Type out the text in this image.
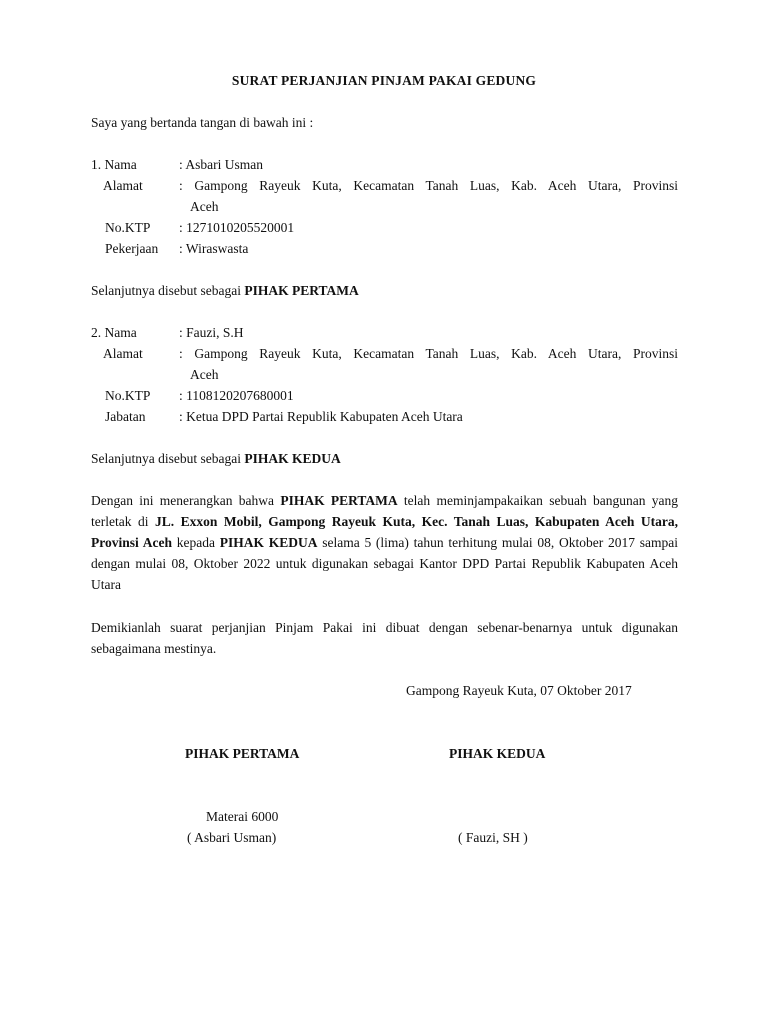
SURAT PERJANJIAN PINJAM PAKAI GEDUNG
Saya yang bertanda tangan di bawah ini :
1. Nama	: Asbari Usman
Alamat	: Gampong Rayeuk Kuta, Kecamatan Tanah Luas, Kab. Aceh Utara, Provinsi
Aceh
No.KTP : 1271010205520001
Pekerjaan : Wiraswasta
Selanjutnya disebut sebagai PIHAK PERTAMA
2. Nama	: Fauzi, S.H
Alamat	: Gampong Rayeuk Kuta, Kecamatan Tanah Luas, Kab. Aceh Utara, Provinsi
Aceh
No.KTP : 1108120207680001
Jabatan : Ketua DPD Partai Republik Kabupaten Aceh Utara
Selanjutnya disebut sebagai PIHAK KEDUA
Dengan ini menerangkan bahwa PIHAK PERTAMA telah meminjampakaikan sebuah bangunan yang terletak di JL. Exxon Mobil, Gampong Rayeuk Kuta, Kec. Tanah Luas, Kabupaten Aceh Utara, Provinsi Aceh kepada PIHAK KEDUA selama 5 (lima) tahun terhitung mulai 08, Oktober 2017 sampai dengan mulai 08, Oktober 2022 untuk digunakan sebagai Kantor DPD Partai Republik Kabupaten Aceh Utara
Demikianlah suarat perjanjian Pinjam Pakai ini dibuat dengan sebenar-benarnya untuk digunakan sebagaimana mestinya.
Gampong Rayeuk Kuta, 07 Oktober 2017
PIHAK PERTAMA	PIHAK KEDUA
Materai 6000
( Asbari Usman)	( Fauzi, SH )
